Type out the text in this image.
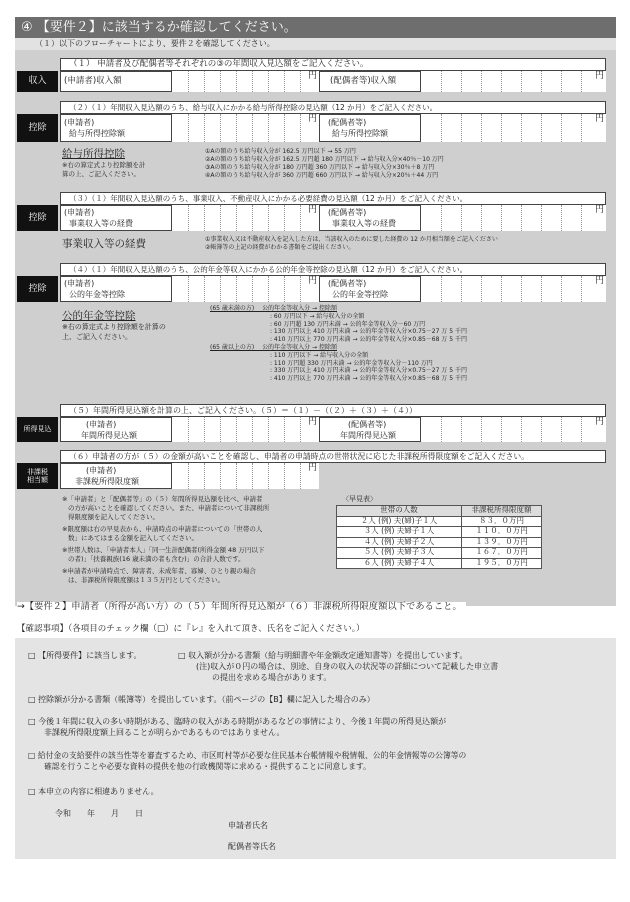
④ 【要件２】に該当するか確認してください。
（１）以下のフローチャートにより、要件２を確認してください。
（１） 申請者及び配偶者等それぞれの③の年間収入見込額をご記入ください。
収入	(申請者)収入額	円 (配偶者等)収入額	円
（２）（１）年間収入見込額のうち、給与収入にかかる給与所得控除の見込額（12 か月）をご記入ください。
控除
(申請者)
給与所得控除額
円 (配偶者等)
給与所得控除額
円
給与所得控除
※右の算定式より控除額を計
算の上、ご記入ください。
①Aの額のうち給与収入分が 162.5 万円以下 → 55 万円
②Aの額のうち給与収入分が 162.5 万円超 180 万円以下 → 給与収入分×40％－10 万円
③Aの額のうち給与収入分が 180 万円超 360 万円以下 → 給与収入分×30％＋8 万円
④Aの額のうち給与収入分が 360 万円超 660 万円以下 → 給与収入分×20％＋44 万円
（３）（１）年間収入見込額のうち、事業収入、不動産収入にかかる必要経費の見込額（12 か月）をご記入ください。
控除
(申請者)
事業収入等の経費
円 (配偶者等)
事業収入等の経費
円
事業収入等の経費	①事業収入又は不動産収入を記入した方は、当該収入のために要した経費の 12 か月相当額をご記入ください
②帳簿等の上記の経費がわかる書類をご提出ください。
（４）（１）年間収入見込額のうち、公的年金等収入にかかる公的年金等控除の見込額（12 か月）をご記入ください。
控除
(申請者)
公的年金等控除
円 (配偶者等)
公的年金等控除
円
公的年金等控除
※右の算定式より控除額を計算の
上、ご記入ください。
(65 歳未満の方)　 公的年金等収入分 → 控除額
: 60 万円以下 → 給与収入分の全額
: 60 万円超 130 万円未満 → 公的年金等収入分－60 万円
: 130 万円以上 410 万円未満 → 公的年金等収入分×0.75－27 万 5 千円
: 410 万円以上 770 万円未満 → 公的年金等収入分×0.85－68 万 5 千円
(65 歳以上の方)　 公的年金等収入分 → 控除額
: 110 万円以下 → 給与収入分の全額
: 110 万円超 330 万円未満 → 公的年金等収入分－110 万円
: 330 万円以上 410 万円未満 → 公的年金等収入分×0.75－27 万 5 千円
: 410 万円以上 770 万円未満 → 公的年金等収入分×0.85－68 万 5 千円
（５）年間所得見込額を計算の上、ご記入ください。（５）＝（１）－（（２）＋（３）＋（４））
所得見込
(申請者)
年間所得見込額
円	(配偶者等)
年間所得見込額
円
（６）申請者の方が（５）の金額が高いことを確認し、申請者の申請時点の世帯状況に応じた非課税所得限度額をご記入ください。
非課税
相当額
(申請者)
非課税所得限度額
円
※「申請者」と「配偶者等」の（５）年間所得見込額を比べ、申請者
の方が高いことを確認してください。また、申請者について非課税所
得限度額を記入してください。
※限度額は右の早見表から、申請時点の申請者についての「世帯の人
数」にあてはまる金額を記入してください。
※世帯人数は、「申請者本人」「同一生計配偶者(所得金額 48 万円以下
の者)」「扶養親族(16 歳未満の者も含む)」の合計人数です。
※申請者が申請時点で、障害者、未成年者、寡婦、ひとり親の場合
は、非課税所得限度額は１３５万円としてください。
〈早見表〉
世帯の人数	非課税所得限度額
２人 (例) 夫(婦)子１人	８３．０万円
３人 (例) 夫婦子１人	１１０．０万円
４人 (例) 夫婦子２人	１３９．０万円
５人 (例) 夫婦子３人	１６７．０万円
６人 (例) 夫婦子４人	１９５．０万円
→【要件２】申請者（所得が高い方）の（５）年間所得見込額が（６）非課税所得限度額以下であること。
【確認事項】（各項目のチェック欄（□）に『レ』を入れて頂き、氏名をご記入ください。）
□ 【所得要件】に該当します。	□ 収入額が分かる書類（給与明細書や年金額改定通知書等）を提出しています。
(注)収入が０円の場合は、別途、自身の収入の状況等の詳細について記載した申立書
の提出を求める場合があります。
□ 控除額が分かる書類（帳簿等）を提出しています。（前ページの【B】欄に記入した場合のみ）
□ 今後１年間に収入の多い時期がある、臨時の収入がある時期があるなどの事情により、今後１年間の所得見込額が
非課税所得限度額上回ることが明らかであるものではありません。
□ 給付金の支給要件の該当性等を審査するため、市区町村等が必要な住民基本台帳情報や税情報、公的年金情報等の公簿等の
確認を行うことや必要な資料の提供を他の行政機関等に求める・提供することに同意します。
□ 本申立の内容に相違ありません。
令和　　年　　月　　日
申請者氏名
配偶者等氏名
